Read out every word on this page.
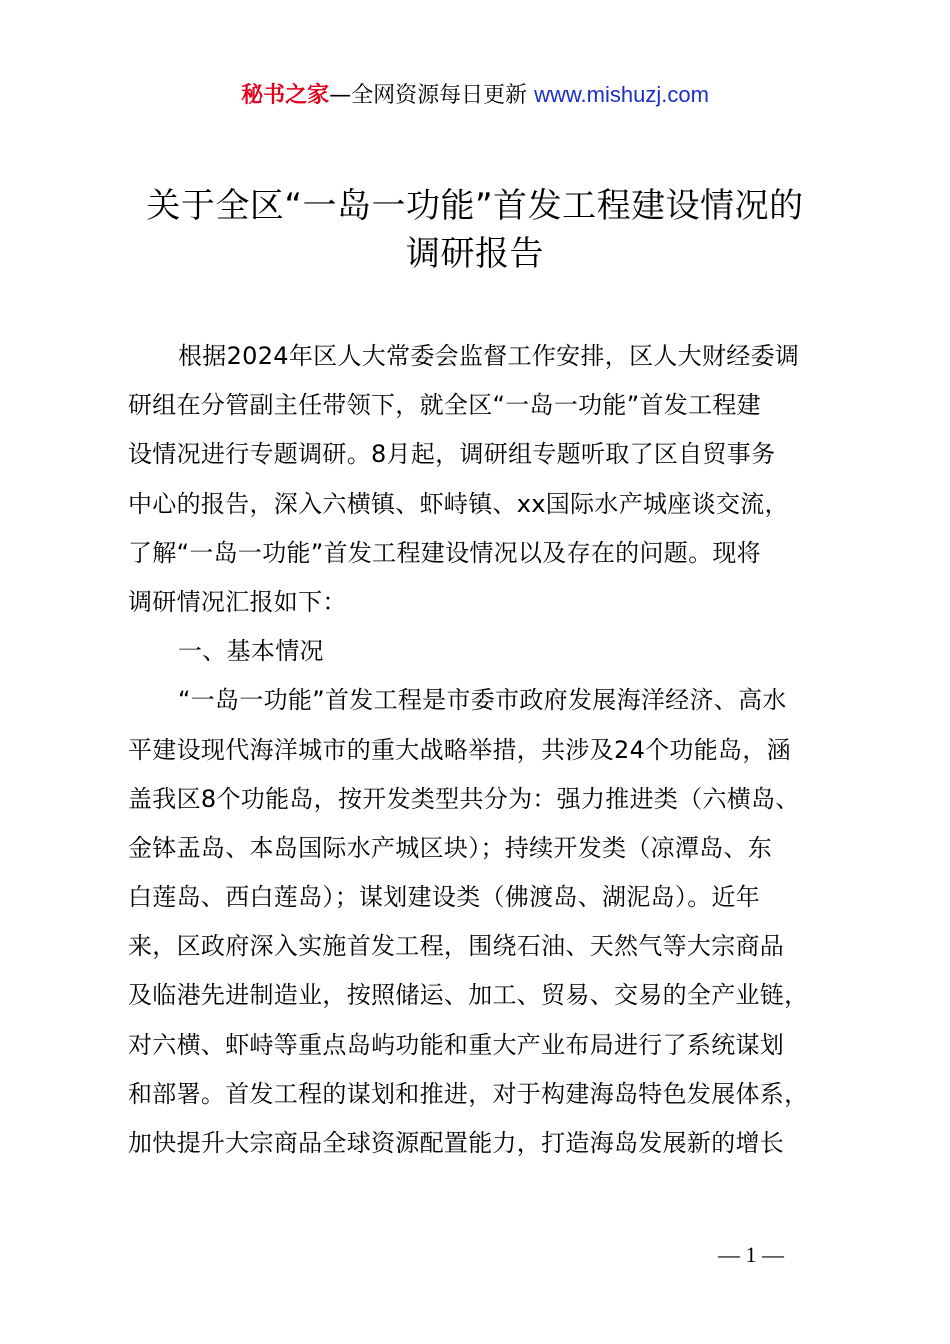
秘书之家—全网资源每日更新 www.mishuzj.com
关于全区“一岛一功能”首发工程建设情况的
调研报告
根据2024年区人大常委会监督工作安排，区人大财经委调
研组在分管副主任带领下，就全区“一岛一功能”首发工程建
设情况进行专题调研。8月起，调研组专题听取了区自贸事务
中心的报告，深入六横镇、虾峙镇、xx国际水产城座谈交流，
了解“一岛一功能”首发工程建设情况以及存在的问题。现将
调研情况汇报如下：
一、基本情况
“一岛一功能”首发工程是市委市政府发展海洋经济、高水
平建设现代海洋城市的重大战略举措，共涉及24个功能岛，涵
盖我区8个功能岛，按开发类型共分为：强力推进类（六横岛、
金钵盂岛、本岛国际水产城区块）；持续开发类（凉潭岛、东
白莲岛、西白莲岛）；谋划建设类（佛渡岛、湖泥岛）。近年
来，区政府深入实施首发工程，围绕石油、天然气等大宗商品
及临港先进制造业，按照储运、加工、贸易、交易的全产业链，
对六横、虾峙等重点岛屿功能和重大产业布局进行了系统谋划
和部署。首发工程的谋划和推进，对于构建海岛特色发展体系，
加快提升大宗商品全球资源配置能力，打造海岛发展新的增长
— 1 —
